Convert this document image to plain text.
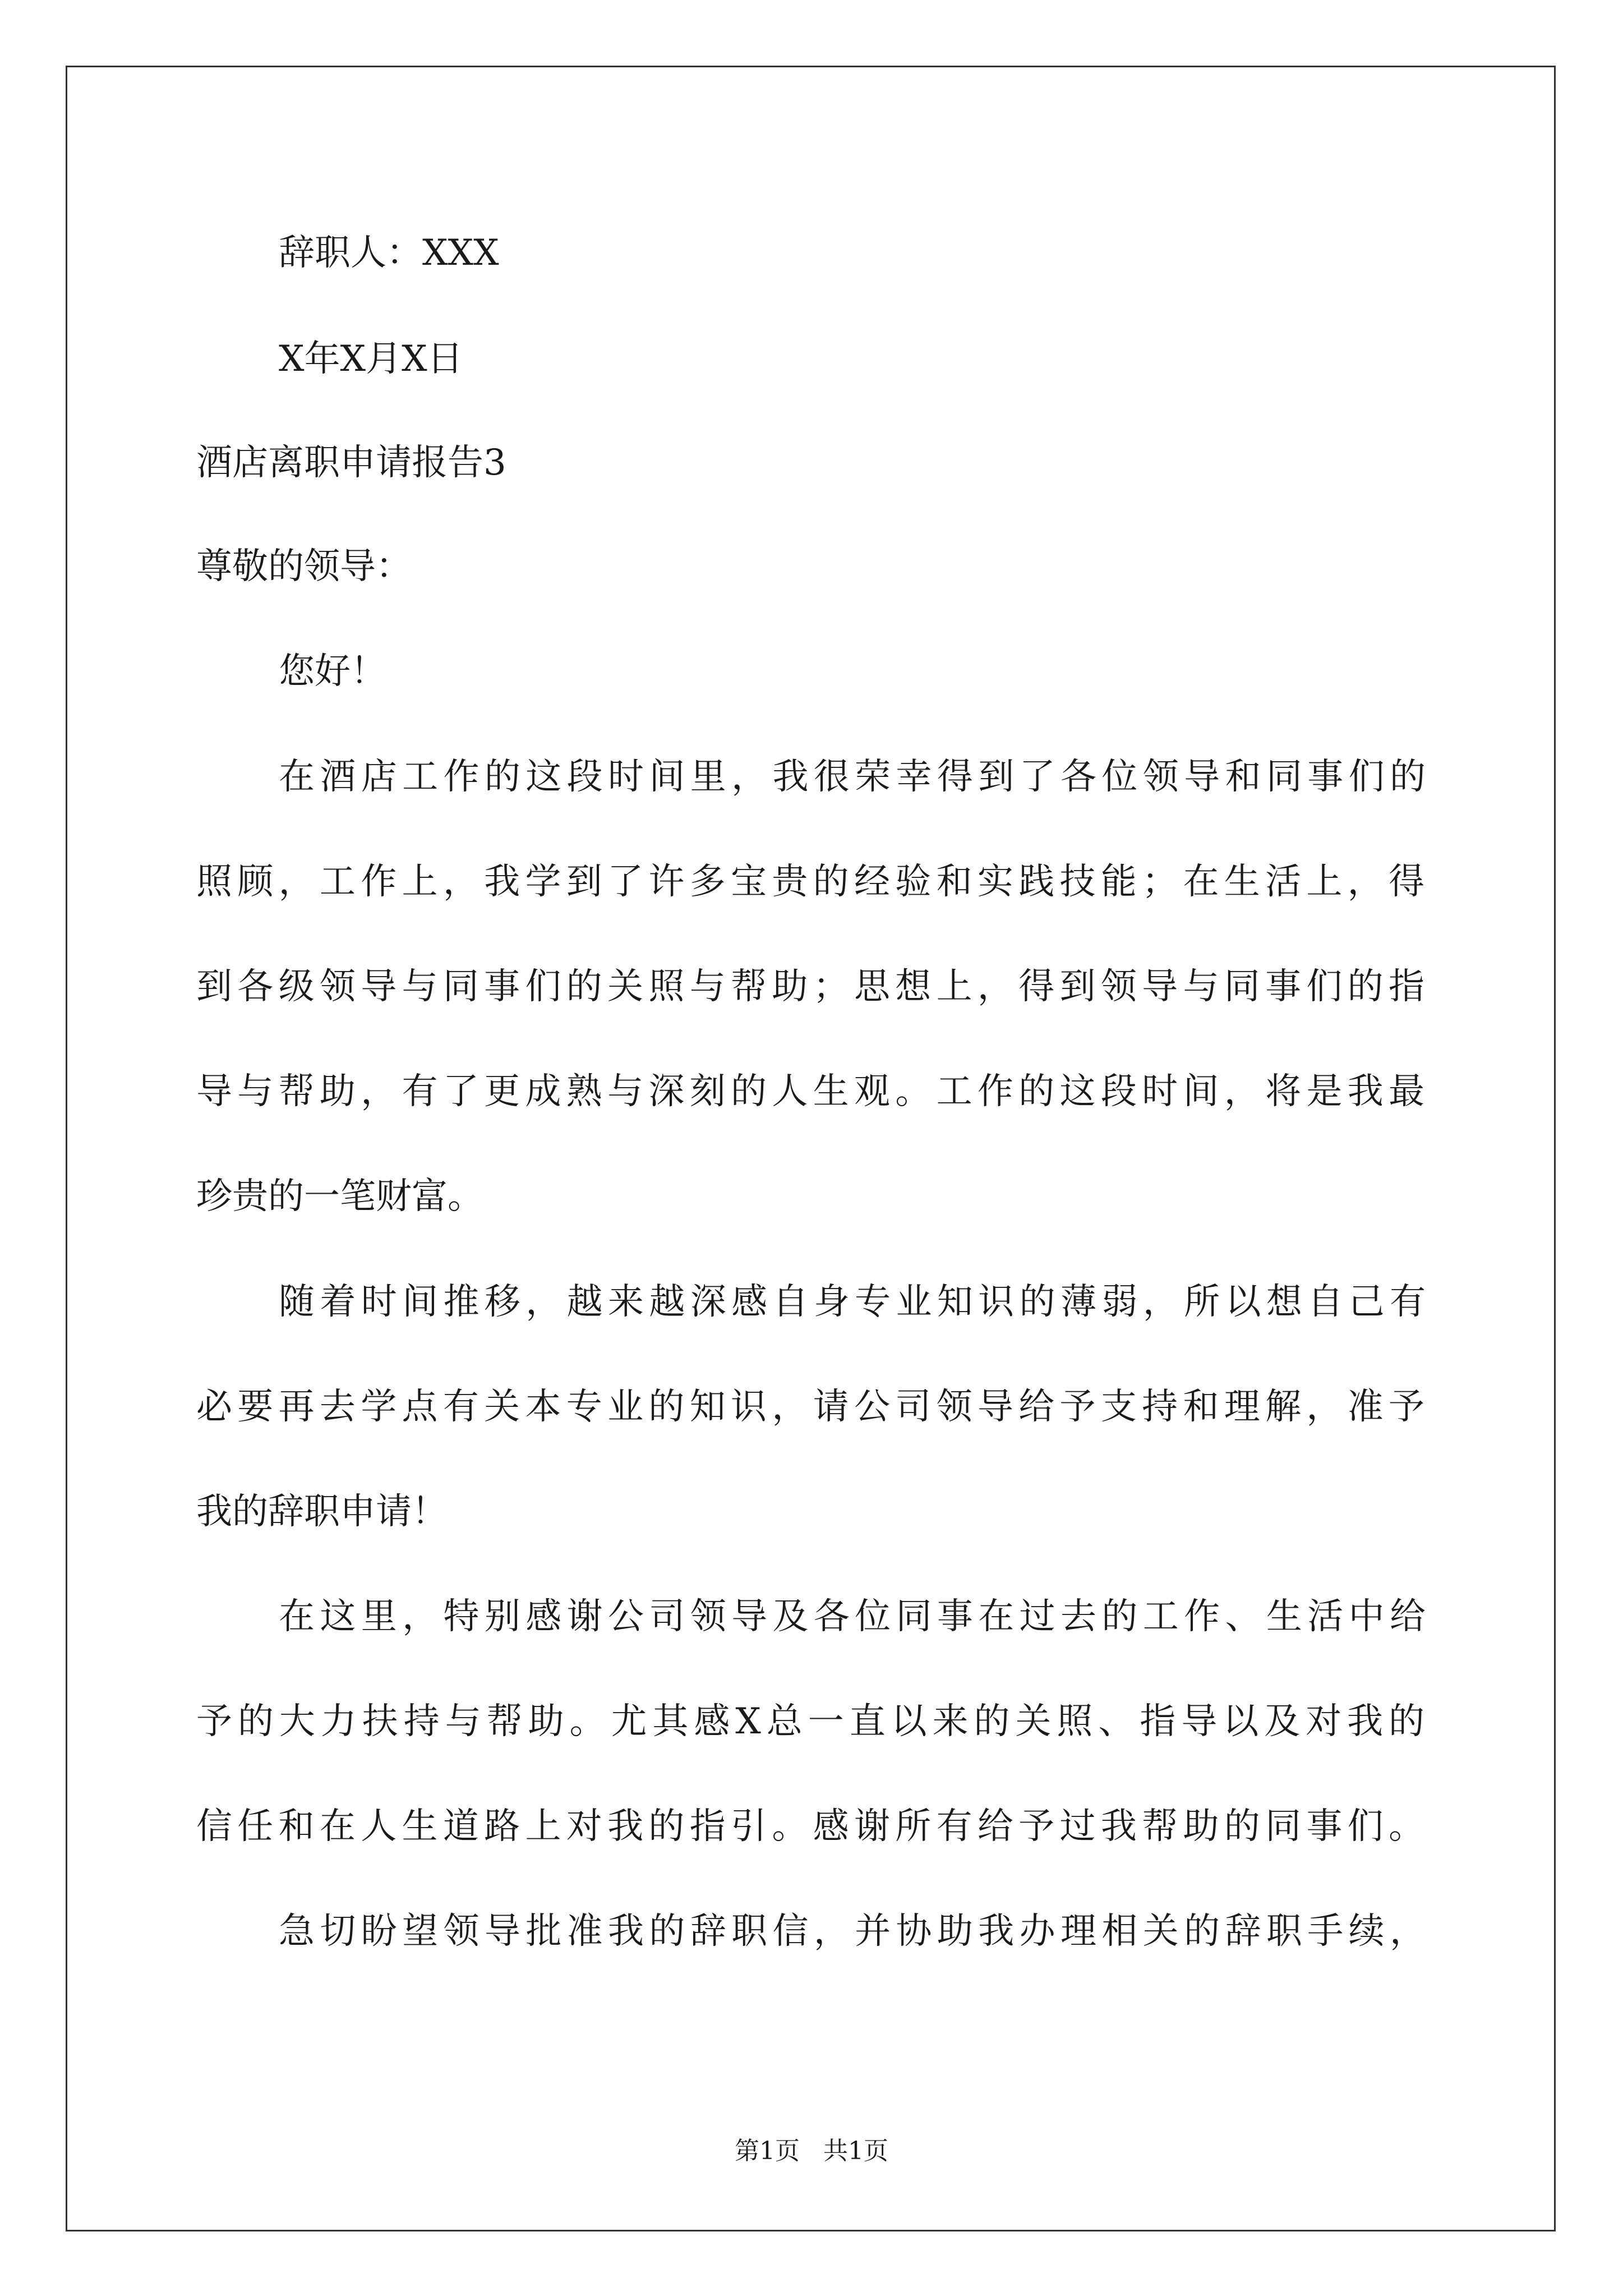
辞职人：XXX
X年X月X日
酒店离职申请报告3
尊敬的领导：
您好！
在酒店工作的这段时间里，我很荣幸得到了各位领导和同事们的
照顾，工作上，我学到了许多宝贵的经验和实践技能；在生活上，得
到各级领导与同事们的关照与帮助；思想上，得到领导与同事们的指
导与帮助，有了更成熟与深刻的人生观。工作的这段时间，将是我最
珍贵的一笔财富。
随着时间推移，越来越深感自身专业知识的薄弱，所以想自己有
必要再去学点有关本专业的知识，请公司领导给予支持和理解，准予
我的辞职申请！
在这里，特别感谢公司领导及各位同事在过去的工作、生活中给
予的大力扶持与帮助。尤其感X总一直以来的关照、指导以及对我的
信任和在人生道路上对我的指引。感谢所有给予过我帮助的同事们。
急切盼望领导批准我的辞职信，并协助我办理相关的辞职手续，
第1页   共1页
